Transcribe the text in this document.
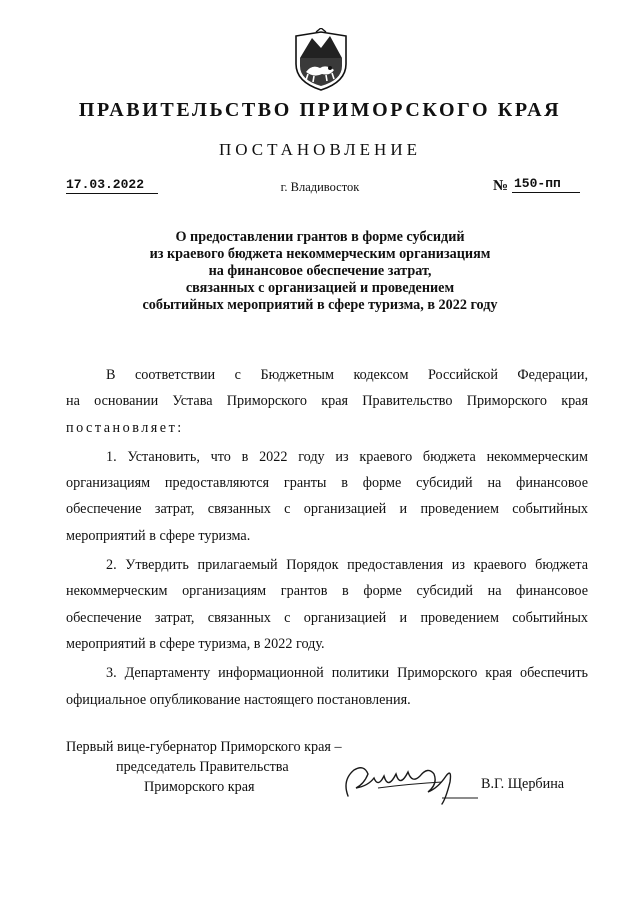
ПРАВИТЕЛЬСТВО ПРИМОРСКОГО КРАЯ
ПОСТАНОВЛЕНИЕ
17.03.2022	г. Владивосток	№ 150-пп
О предоставлении грантов в форме субсидий
из краевого бюджета некоммерческим организациям
на финансовое обеспечение затрат,
связанных с организацией и проведением
событийных мероприятий в сфере туризма, в 2022 году

В соответствии с Бюджетным кодексом Российской Федерации,
на основании Устава Приморского края Правительство Приморского края
постановляет:

1. Установить, что в 2022 году из краевого бюджета некоммерческим
организациям предоставляются гранты в форме субсидий на финансовое
обеспечение затрат, связанных с организацией и проведением событийных
мероприятий в сфере туризма.

2. Утвердить прилагаемый Порядок предоставления из краевого бюджета
некоммерческим организациям грантов в форме субсидий на финансовое
обеспечение затрат, связанных с организацией и проведением событийных
мероприятий в сфере туризма, в 2022 году.

3. Департаменту информационной политики Приморского края обеспечить
официальное опубликование настоящего постановления.

Первый вице-губернатор Приморского края –
председатель Правительства
Приморского края	В.Г. Щербина
